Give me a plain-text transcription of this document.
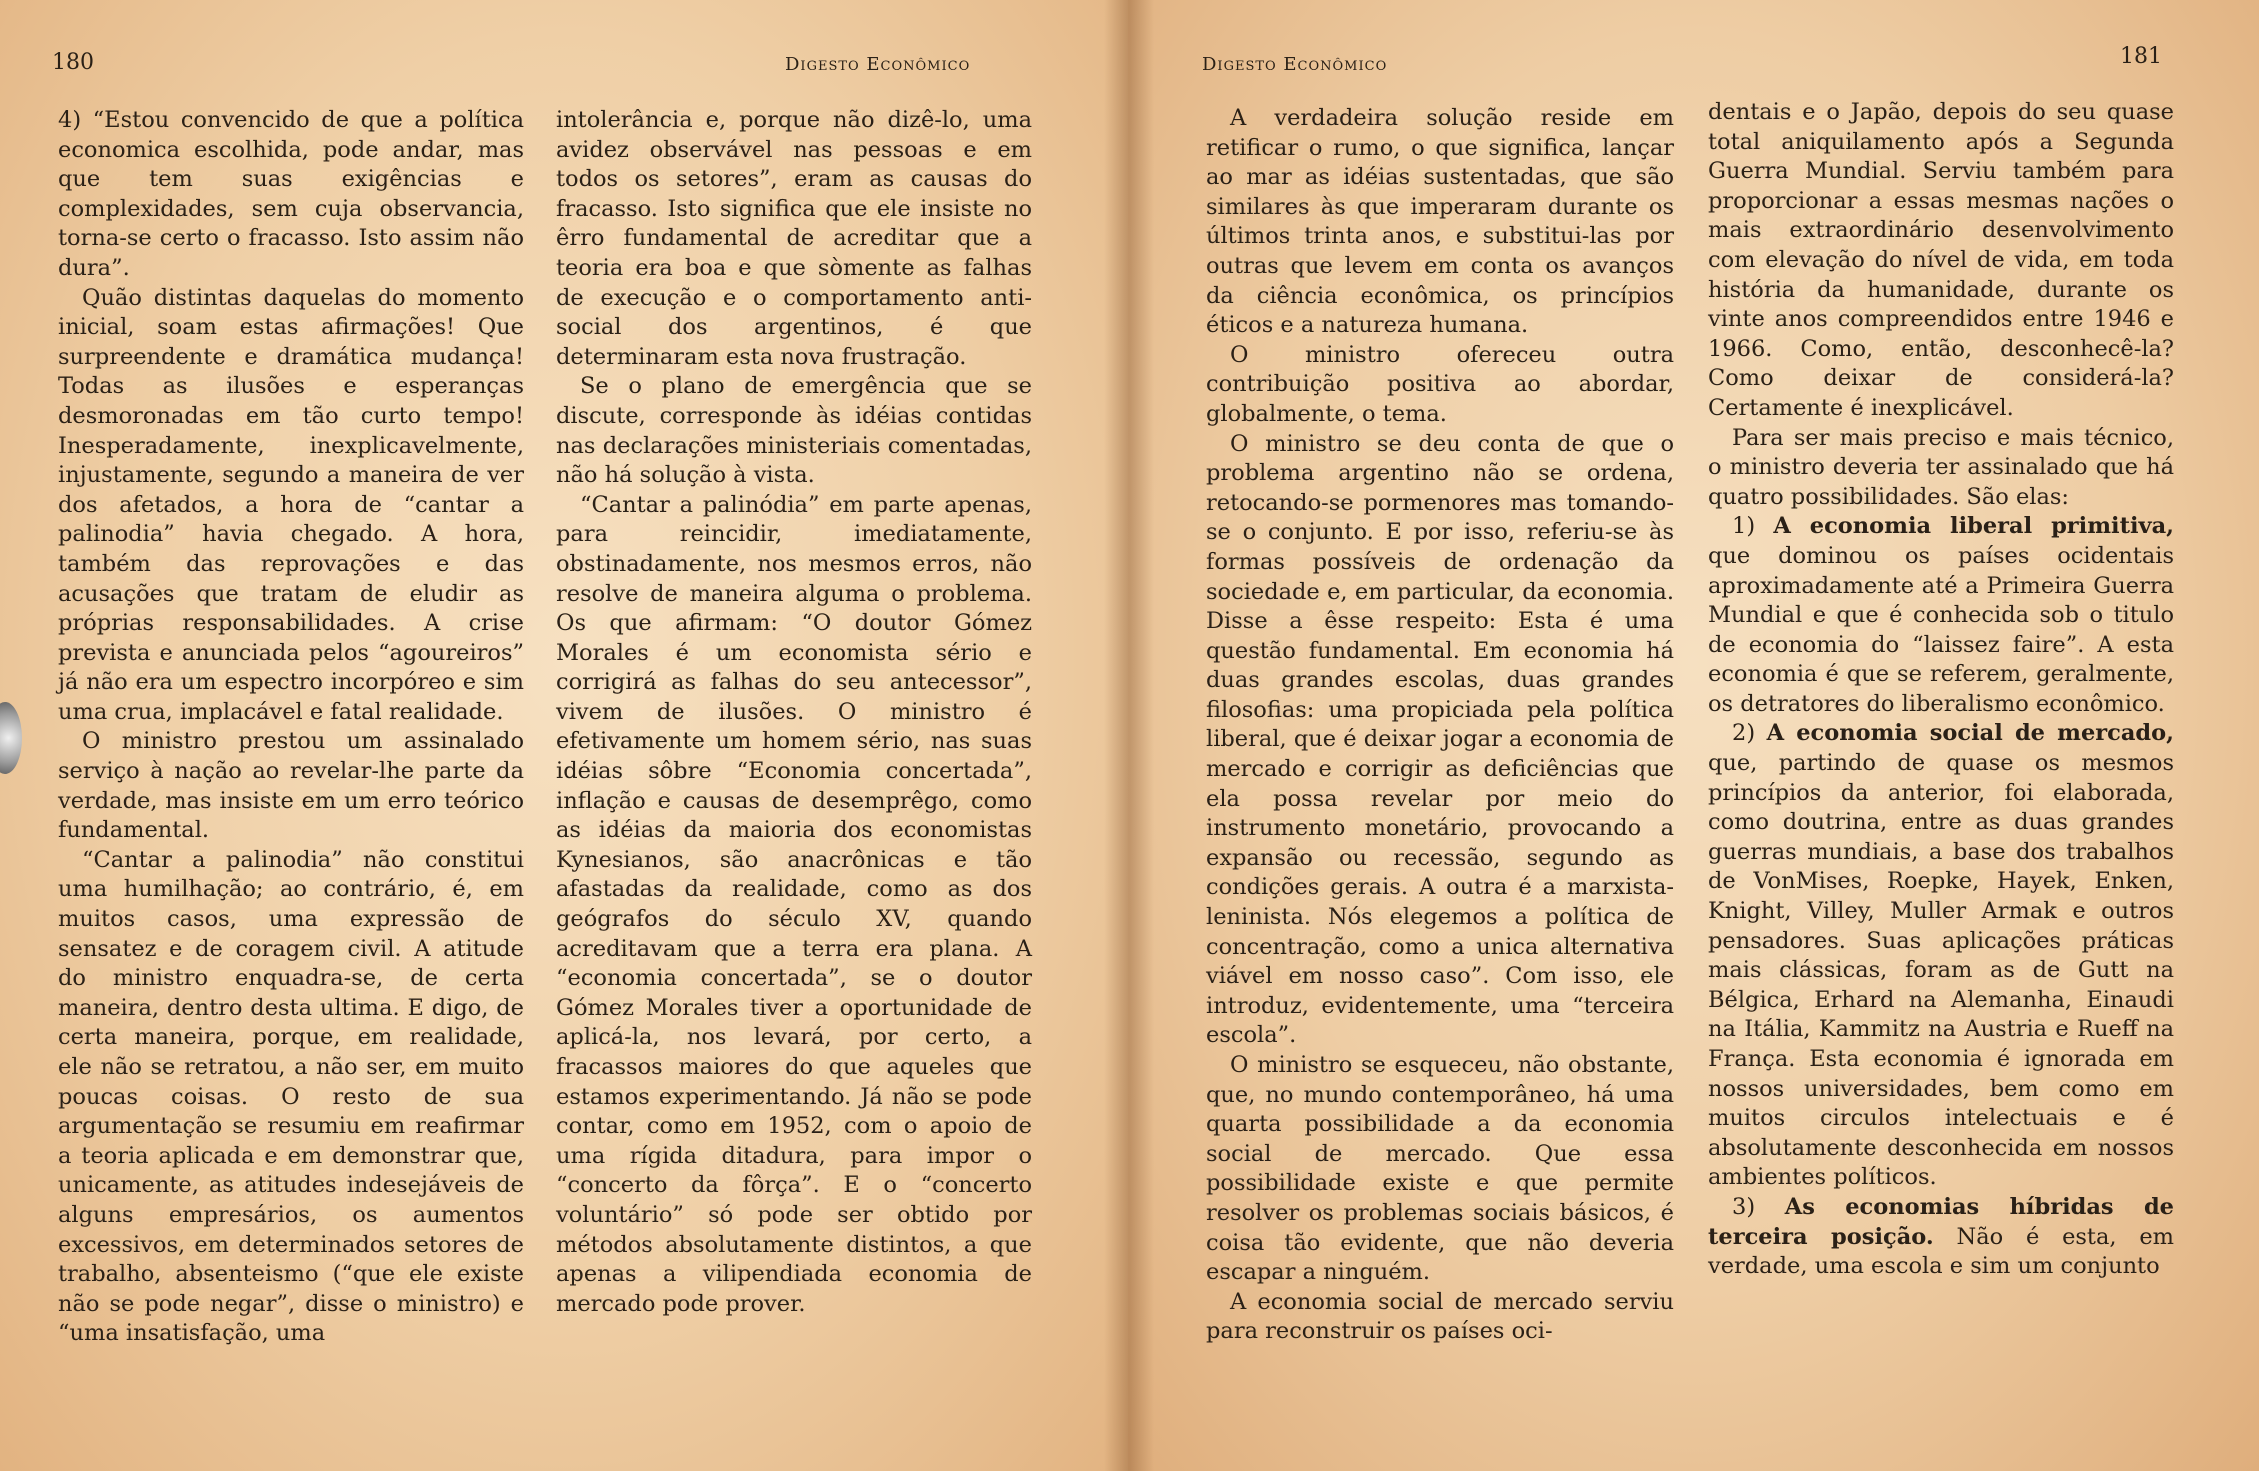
180	Digesto Econômico

4) “Estou convencido de que a política economica escolhida, pode andar, mas que tem suas exigências e complexidades, sem cuja observancia, torna-se certo o fracasso. Isto assim não dura”.

Quão distintas daquelas do momento inicial, soam estas afirmações! Que surpreendente e dramática mudança! Todas as ilusões e esperanças desmoronadas em tão curto tempo! Inesperadamente, inexplicavelmente, injustamente, segundo a maneira de ver dos afetados, a hora de “cantar a palinodia” havia chegado. A hora, também das reprovações e das acusações que tratam de eludir as próprias responsabilidades. A crise prevista e anunciada pelos “agoureiros” já não era um espectro incorpóreo e sim uma crua, implacável e fatal realidade.

O ministro prestou um assinalado serviço à nação ao revelar-lhe parte da verdade, mas insiste em um erro teórico fundamental.

“Cantar a palinodia” não constitui uma humilhação; ao contrário, é, em muitos casos, uma expressão de sensatez e de coragem civil. A atitude do ministro enquadra-se, de certa maneira, dentro desta ultima. E digo, de certa maneira, porque, em realidade, ele não se retratou, a não ser, em muito poucas coisas. O resto de sua argumentação se resumiu em reafirmar a teoria aplicada e em demonstrar que, unicamente, as atitudes indesejáveis de alguns empresários, os aumentos excessivos, em determinados setores de trabalho, absenteismo (“que ele existe não se pode negar”, disse o ministro) e “uma insatisfação, uma

intolerância e, porque não dizê-lo, uma avidez observável nas pessoas e em todos os setores”, eram as causas do fracasso. Isto significa que ele insiste no êrro fundamental de acreditar que a teoria era boa e que sòmente as falhas de execução e o comportamento anti-social dos argentinos, é que determinaram esta nova frustração.

Se o plano de emergência que se discute, corresponde às idéias contidas nas declarações ministeriais comentadas, não há solução à vista.

“Cantar a palinódia” em parte apenas, para reincidir, imediatamente, obstinadamente, nos mesmos erros, não resolve de maneira alguma o problema. Os que afirmam: “O doutor Gómez Morales é um economista sério e corrigirá as falhas do seu antecessor”, vivem de ilusões. O ministro é efetivamente um homem sério, nas suas idéias sôbre “Economia concertada”, inflação e causas de desemprêgo, como as idéias da maioria dos economistas Kynesianos, são anacrônicas e tão afastadas da realidade, como as dos geógrafos do século XV, quando acreditavam que a terra era plana. A “economia concertada”, se o doutor Gómez Morales tiver a oportunidade de aplicá-la, nos levará, por certo, a fracassos maiores do que aqueles que estamos experimentando. Já não se pode contar, como em 1952, com o apoio de uma rígida ditadura, para impor o “concerto da fôrça”. E o “concerto voluntário” só pode ser obtido por métodos absolutamente distintos, a que apenas a vilipendiada economia de mercado pode prover.

Digesto Econômico	181

A verdadeira solução reside em retificar o rumo, o que significa, lançar ao mar as idéias sustentadas, que são similares às que imperaram durante os últimos trinta anos, e substitui-las por outras que levem em conta os avanços da ciência econômica, os princípios éticos e a natureza humana.

O ministro ofereceu outra contribuição positiva ao abordar, globalmente, o tema.

O ministro se deu conta de que o problema argentino não se ordena, retocando-se pormenores mas tomando-se o conjunto. E por isso, referiu-se às formas possíveis de ordenação da sociedade e, em particular, da economia. Disse a êsse respeito: Esta é uma questão fundamental. Em economia há duas grandes escolas, duas grandes filosofias: uma propiciada pela política liberal, que é deixar jogar a economia de mercado e corrigir as deficiências que ela possa revelar por meio do instrumento monetário, provocando a expansão ou recessão, segundo as condições gerais. A outra é a marxista-leninista. Nós elegemos a política de concentração, como a unica alternativa viável em nosso caso”. Com isso, ele introduz, evidentemente, uma “terceira escola”.

O ministro se esqueceu, não obstante, que, no mundo contemporâneo, há uma quarta possibilidade a da economia social de mercado. Que essa possibilidade existe e que permite resolver os problemas sociais básicos, é coisa tão evidente, que não deveria escapar a ninguém.

A economia social de mercado serviu para reconstruir os países oci-

dentais e o Japão, depois do seu quase total aniquilamento após a Segunda Guerra Mundial. Serviu também para proporcionar a essas mesmas nações o mais extraordinário desenvolvimento com elevação do nível de vida, em toda história da humanidade, durante os vinte anos compreendidos entre 1946 e 1966. Como, então, desconhecê-la? Como deixar de considerá-la? Certamente é inexplicável.

Para ser mais preciso e mais técnico, o ministro deveria ter assinalado que há quatro possibilidades. São elas:

1) A economia liberal primitiva, que dominou os países ocidentais aproximadamente até a Primeira Guerra Mundial e que é conhecida sob o titulo de economia do “laissez faire”. A esta economia é que se referem, geralmente, os detratores do liberalismo econômico.

2) A economia social de mercado, que, partindo de quase os mesmos princípios da anterior, foi elaborada, como doutrina, entre as duas grandes guerras mundiais, a base dos trabalhos de VonMises, Roepke, Hayek, Enken, Knight, Villey, Muller Armak e outros pensadores. Suas aplicações práticas mais clássicas, foram as de Gutt na Bélgica, Erhard na Alemanha, Einaudi na Itália, Kammitz na Austria e Rueff na França. Esta economia é ignorada em nossos universidades, bem como em muitos circulos intelectuais e é absolutamente desconhecida em nossos ambientes políticos.

3) As economias híbridas de terceira posição. Não é esta, em verdade, uma escola e sim um conjunto
